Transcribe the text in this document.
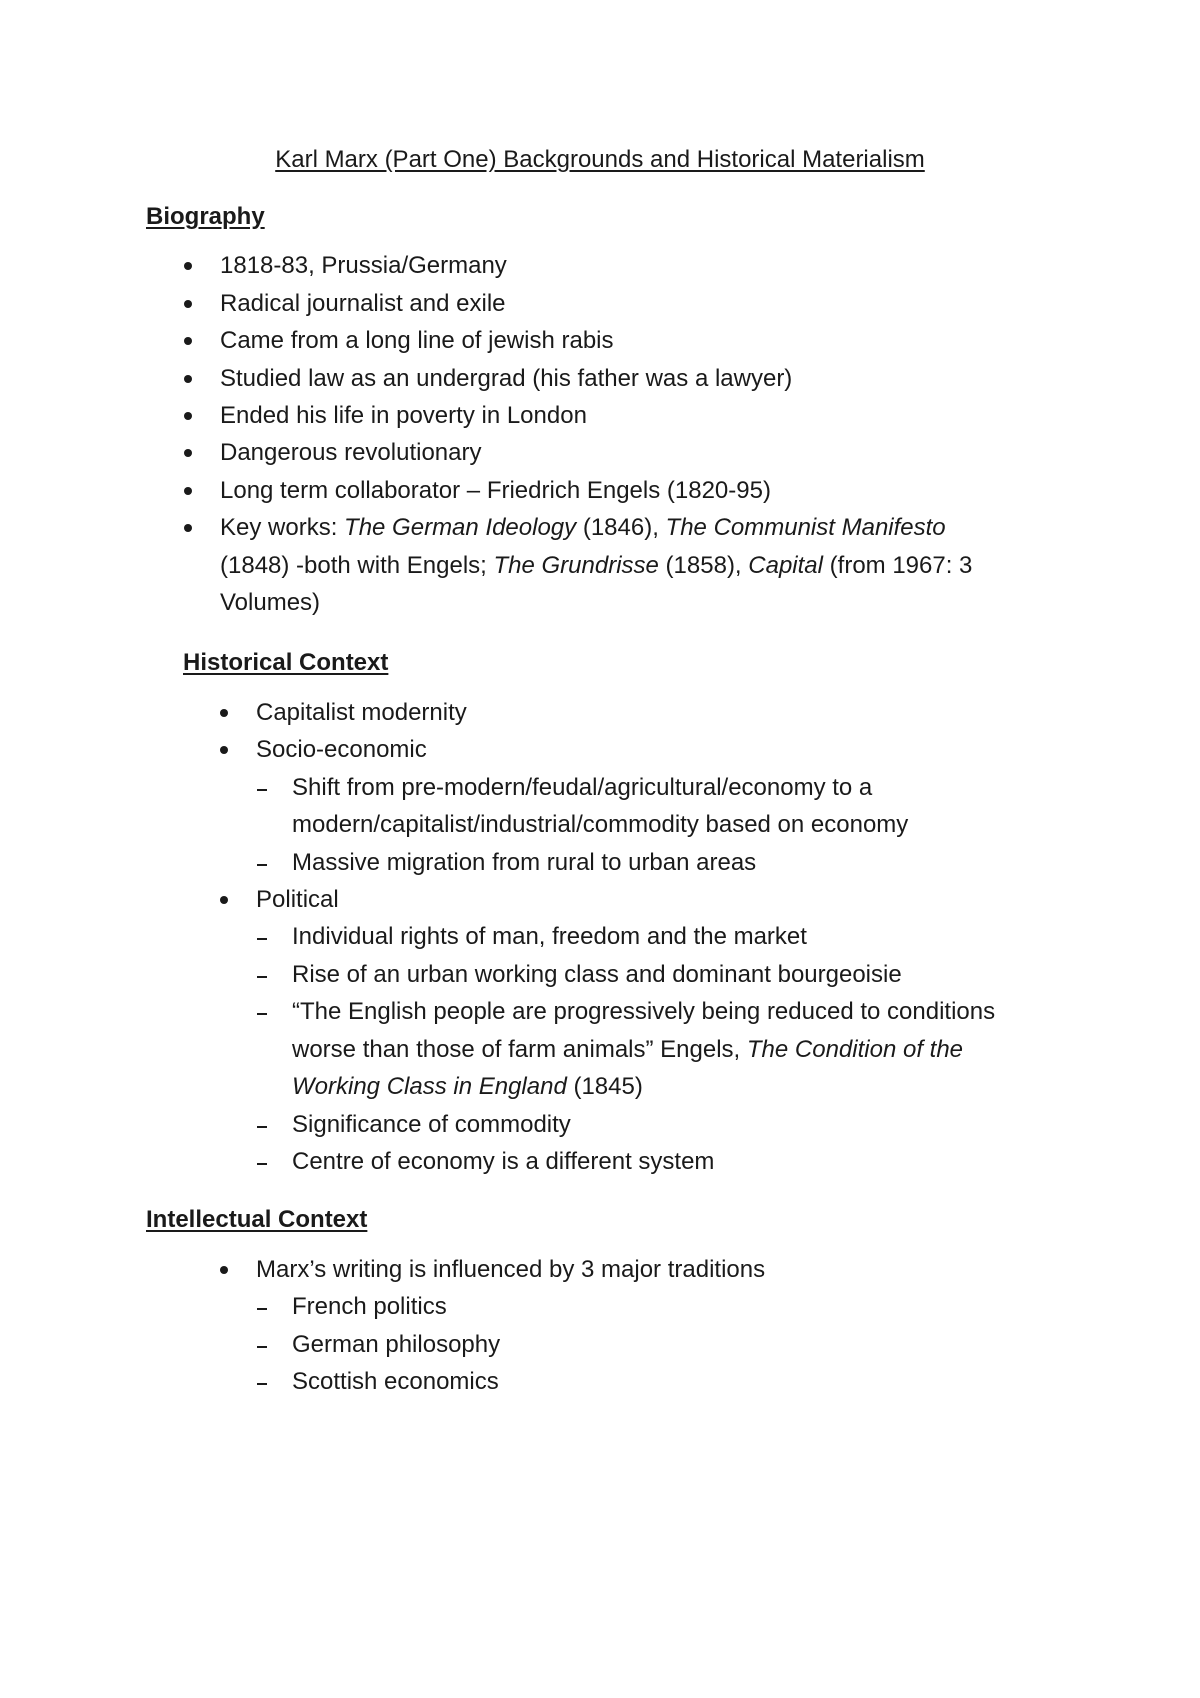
Karl Marx (Part One) Backgrounds and Historical Materialism
Biography
1818-83, Prussia/Germany
Radical journalist and exile
Came from a long line of jewish rabis
Studied law as an undergrad (his father was a lawyer)
Ended his life in poverty in London
Dangerous revolutionary
Long term collaborator – Friedrich Engels (1820-95)
Key works: The German Ideology (1846), The Communist Manifesto
(1848) -both with Engels; The Grundrisse (1858), Capital (from 1967: 3
Volumes)
Historical Context
Capitalist modernity
Socio-economic
Shift from pre-modern/feudal/agricultural/economy to a
modern/capitalist/industrial/commodity based on economy
Massive migration from rural to urban areas
Political
Individual rights of man, freedom and the market
Rise of an urban working class and dominant bourgeoisie
“The English people are progressively being reduced to conditions
worse than those of farm animals” Engels, The Condition of the
Working Class in England (1845)
Significance of commodity
Centre of economy is a different system
Intellectual Context
Marx’s writing is influenced by 3 major traditions
French politics
German philosophy
Scottish economics
